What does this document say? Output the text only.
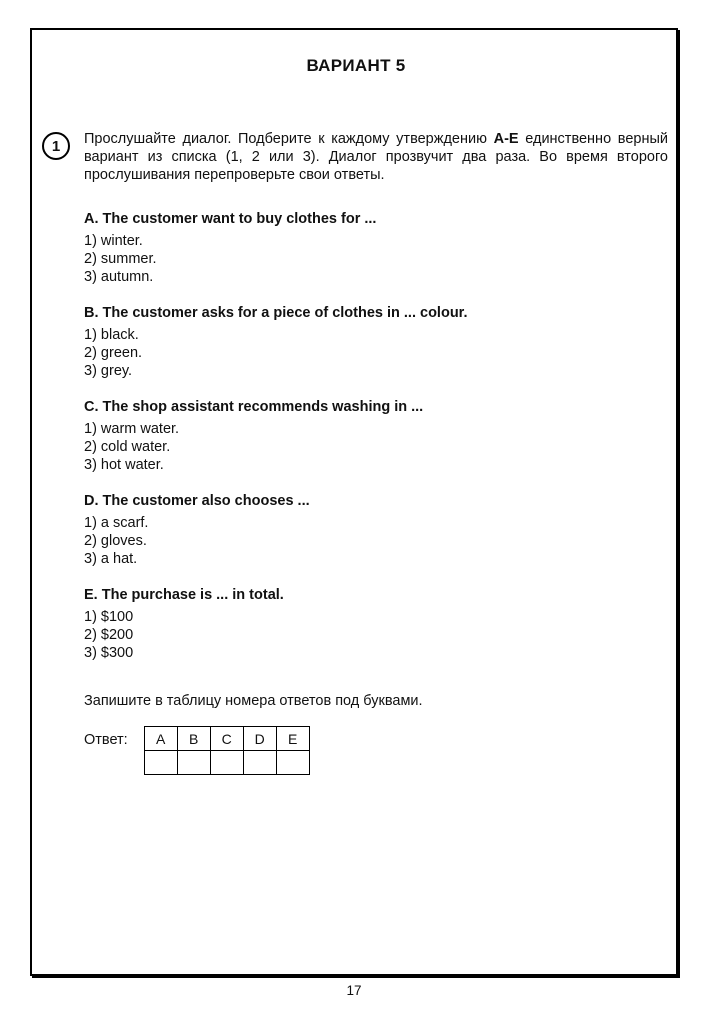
ВАРИАНТ 5
1 Прослушайте диалог. Подберите к каждому утверждению А-Е единственно верный вариант из списка (1, 2 или 3). Диалог прозвучит два раза. Во время второго прослушивания перепроверьте свои ответы.

A. The customer want to buy clothes for ...

1) winter.

2) summer.

3) autumn.

B. The customer asks for a piece of clothes in ... colour.

1) black.

2) green.

3) grey.

C. The shop assistant recommends washing in ...

1) warm water.

2) cold water.

3) hot water.

D. The customer also chooses ...

1) a scarf.

2) gloves.

3) a hat.

E. The purchase is ... in total.

1) $100

2) $200

3) $300

Запишите в таблицу номера ответов под буквами.

Ответ: A	B	C	D	E

17
